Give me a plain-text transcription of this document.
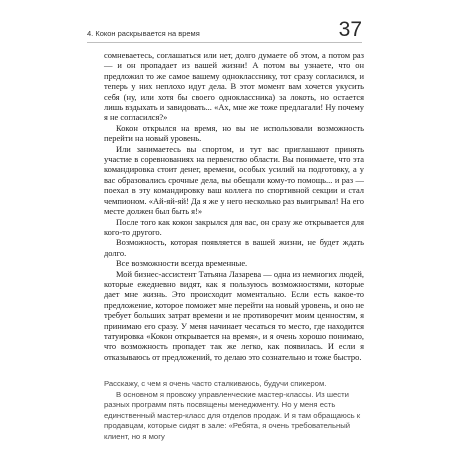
4. Кокон раскрывается на время	37

сомневаетесь, соглашаться или нет, долго думаете об этом, а потом раз — и он пропадает из вашей жизни! А потом вы узнаете, что он предложил то же самое вашему однокласснику, тот сразу согласился, и теперь у них неплохо идут дела. В этот момент вам хочется укусить себя (ну, или хотя бы своего одноклассника) за локоть, но остается лишь вздыхать и завидовать... «Ах, мне же тоже предлагали! Ну почему я не согласился?»

Кокон открылся на время, но вы не использовали возможность перейти на новый уровень.

Или занимаетесь вы спортом, и тут вас приглашают принять участие в соревнованиях на первенство области. Вы понимаете, что эта командировка стоит денег, времени, особых усилий на подготовку, а у вас образовались срочные дела, вы обещали кому-то помощь... и раз — поехал в эту командировку ваш коллега по спортивной секции и стал чемпионом. «Ай-яй-яй! Да я же у него несколько раз выигрывал! На его месте должен был быть я!»

После того как кокон закрылся для вас, он сразу же открывается для кого-то другого.

Возможность, которая появляется в вашей жизни, не будет ждать долго.

Все возможности всегда временные.

Мой бизнес-ассистент Татьяна Лазарева — одна из немногих людей, которые ежедневно видят, как я пользуюсь возможностями, которые дает мне жизнь. Это происходит моментально. Если есть какое-то предложение, которое поможет мне перейти на новый уровень, и оно не требует больших затрат времени и не противоречит моим ценностям, я принимаю его сразу. У меня начинает чесаться то место, где находится татуировка «Кокон открывается на время», и я очень хорошо понимаю, что возможность пропадет так же легко, как появилась. И если я отказываюсь от предложений, то делаю это сознательно и тоже быстро.

Расскажу, с чем я очень часто сталкиваюсь, будучи спикером.

В основном я провожу управленческие мастер-классы. Из шести разных программ пять посвящены менеджменту. Но у меня есть единственный мастер-класс для отделов продаж. И я там обращаюсь к продавцам, которые сидят в зале: «Ребята, я очень требовательный клиент, но я могу
